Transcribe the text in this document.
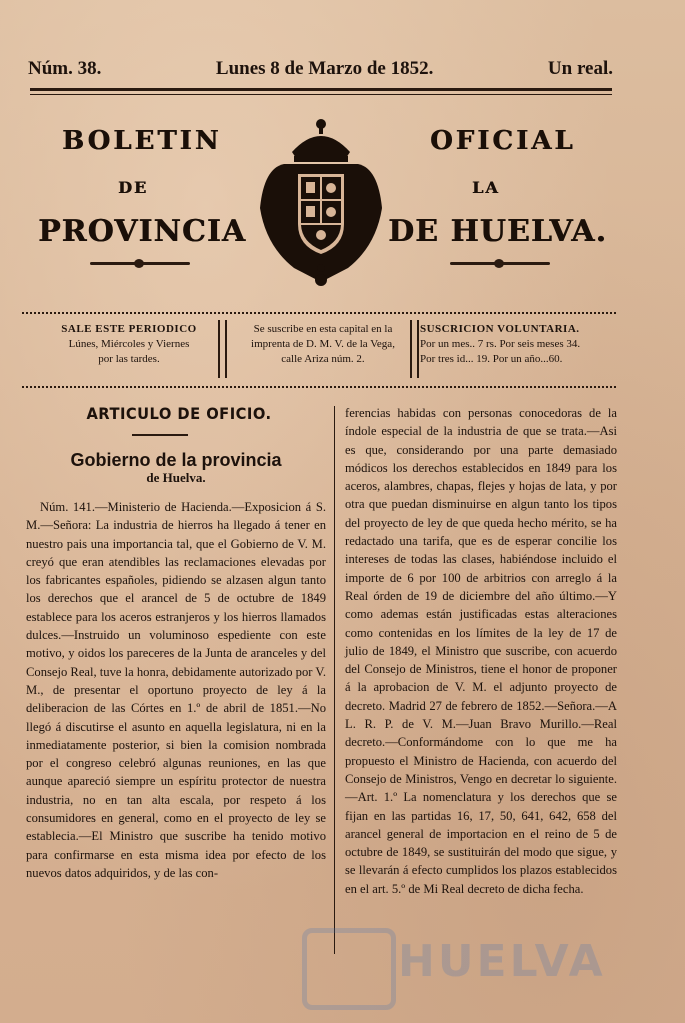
Núm. 38.	Lunes 8 de Marzo de 1852.	Un real.
BOLETIN	OFICIAL
DE	LA
PROVINCIA	DE HUELVA.
SALE ESTE PERIODICO
Lúnes, Miércoles y Viernes
por las tardes.
Se suscribe en esta capital en la
imprenta de D. M. V. de la Vega,
calle Ariza núm. 2.
SUSCRICION VOLUNTARIA.
Por un mes.. 7 rs. Por seis meses 34.
Por tres id... 19. Por un año...60.
ARTICULO DE OFICIO.
Gobierno de la provincia
de Huelva.

Núm. 141.—Ministerio de Hacienda.—Exposicion á S. M.—Señora: La industria de hierros ha llegado á tener en nuestro pais una importancia tal, que el Gobierno de V. M. creyó que eran atendibles las reclamaciones elevadas por los fabricantes españoles, pidiendo se alzasen algun tanto los derechos que el arancel de 5 de octubre de 1849 establece para los aceros estranjeros y los hierros llamados dulces.—Instruido un voluminoso espediente con este motivo, y oidos los pareceres de la Junta de aranceles y del Consejo Real, tuve la honra, debidamente autorizado por V. M., de presentar el oportuno proyecto de ley á la deliberacion de las Córtes en 1.º de abril de 1851.—No llegó á discutirse el asunto en aquella legislatura, ni en la inmediatamente posterior, si bien la comision nombrada por el congreso celebró algunas reuniones, en las que aunque apareció siempre un espíritu protector de nuestra industria, no en tan alta escala, por respeto á los consumidores en general, como en el proyecto de ley se establecia.—El Ministro que suscribe ha tenido motivo para confirmarse en esta misma idea por efecto de los nuevos datos adquiridos, y de las con-

ferencias habidas con personas conocedoras de la índole especial de la industria de que se trata.—Asi es que, considerando por una parte demasiado módicos los derechos establecidos en 1849 para los aceros, alambres, chapas, flejes y hojas de lata, y por otra que puedan disminuirse en algun tanto los tipos del proyecto de ley de que queda hecho mérito, se ha redactado una tarifa, que es de esperar concilie los intereses de todas las clases, habiéndose incluido el importe de 6 por 100 de arbitrios con arreglo á la Real órden de 19 de diciembre del año último.—Y como ademas están justificadas estas alteraciones como contenidas en los límites de la ley de 17 de julio de 1849, el Ministro que suscribe, con acuerdo del Consejo de Ministros, tiene el honor de proponer á la aprobacion de V. M. el adjunto proyecto de decreto. Madrid 27 de febrero de 1852.—Señora.—A L. R. P. de V. M.—Juan Bravo Murillo.—Real decreto.—Conformándome con lo que me ha propuesto el Ministro de Hacienda, con acuerdo del Consejo de Ministros, Vengo en decretar lo siguiente.—Art. 1.º La nomenclatura y los derechos que se fijan en las partidas 16, 17, 50, 641, 642, 658 del arancel general de importacion en el reino de 5 de octubre de 1849, se sustituirán del modo que sigue, y se llevarán á efecto cumplidos los plazos establecidos en el art. 5.º de Mi Real decreto de dicha fecha.

HUELVA
